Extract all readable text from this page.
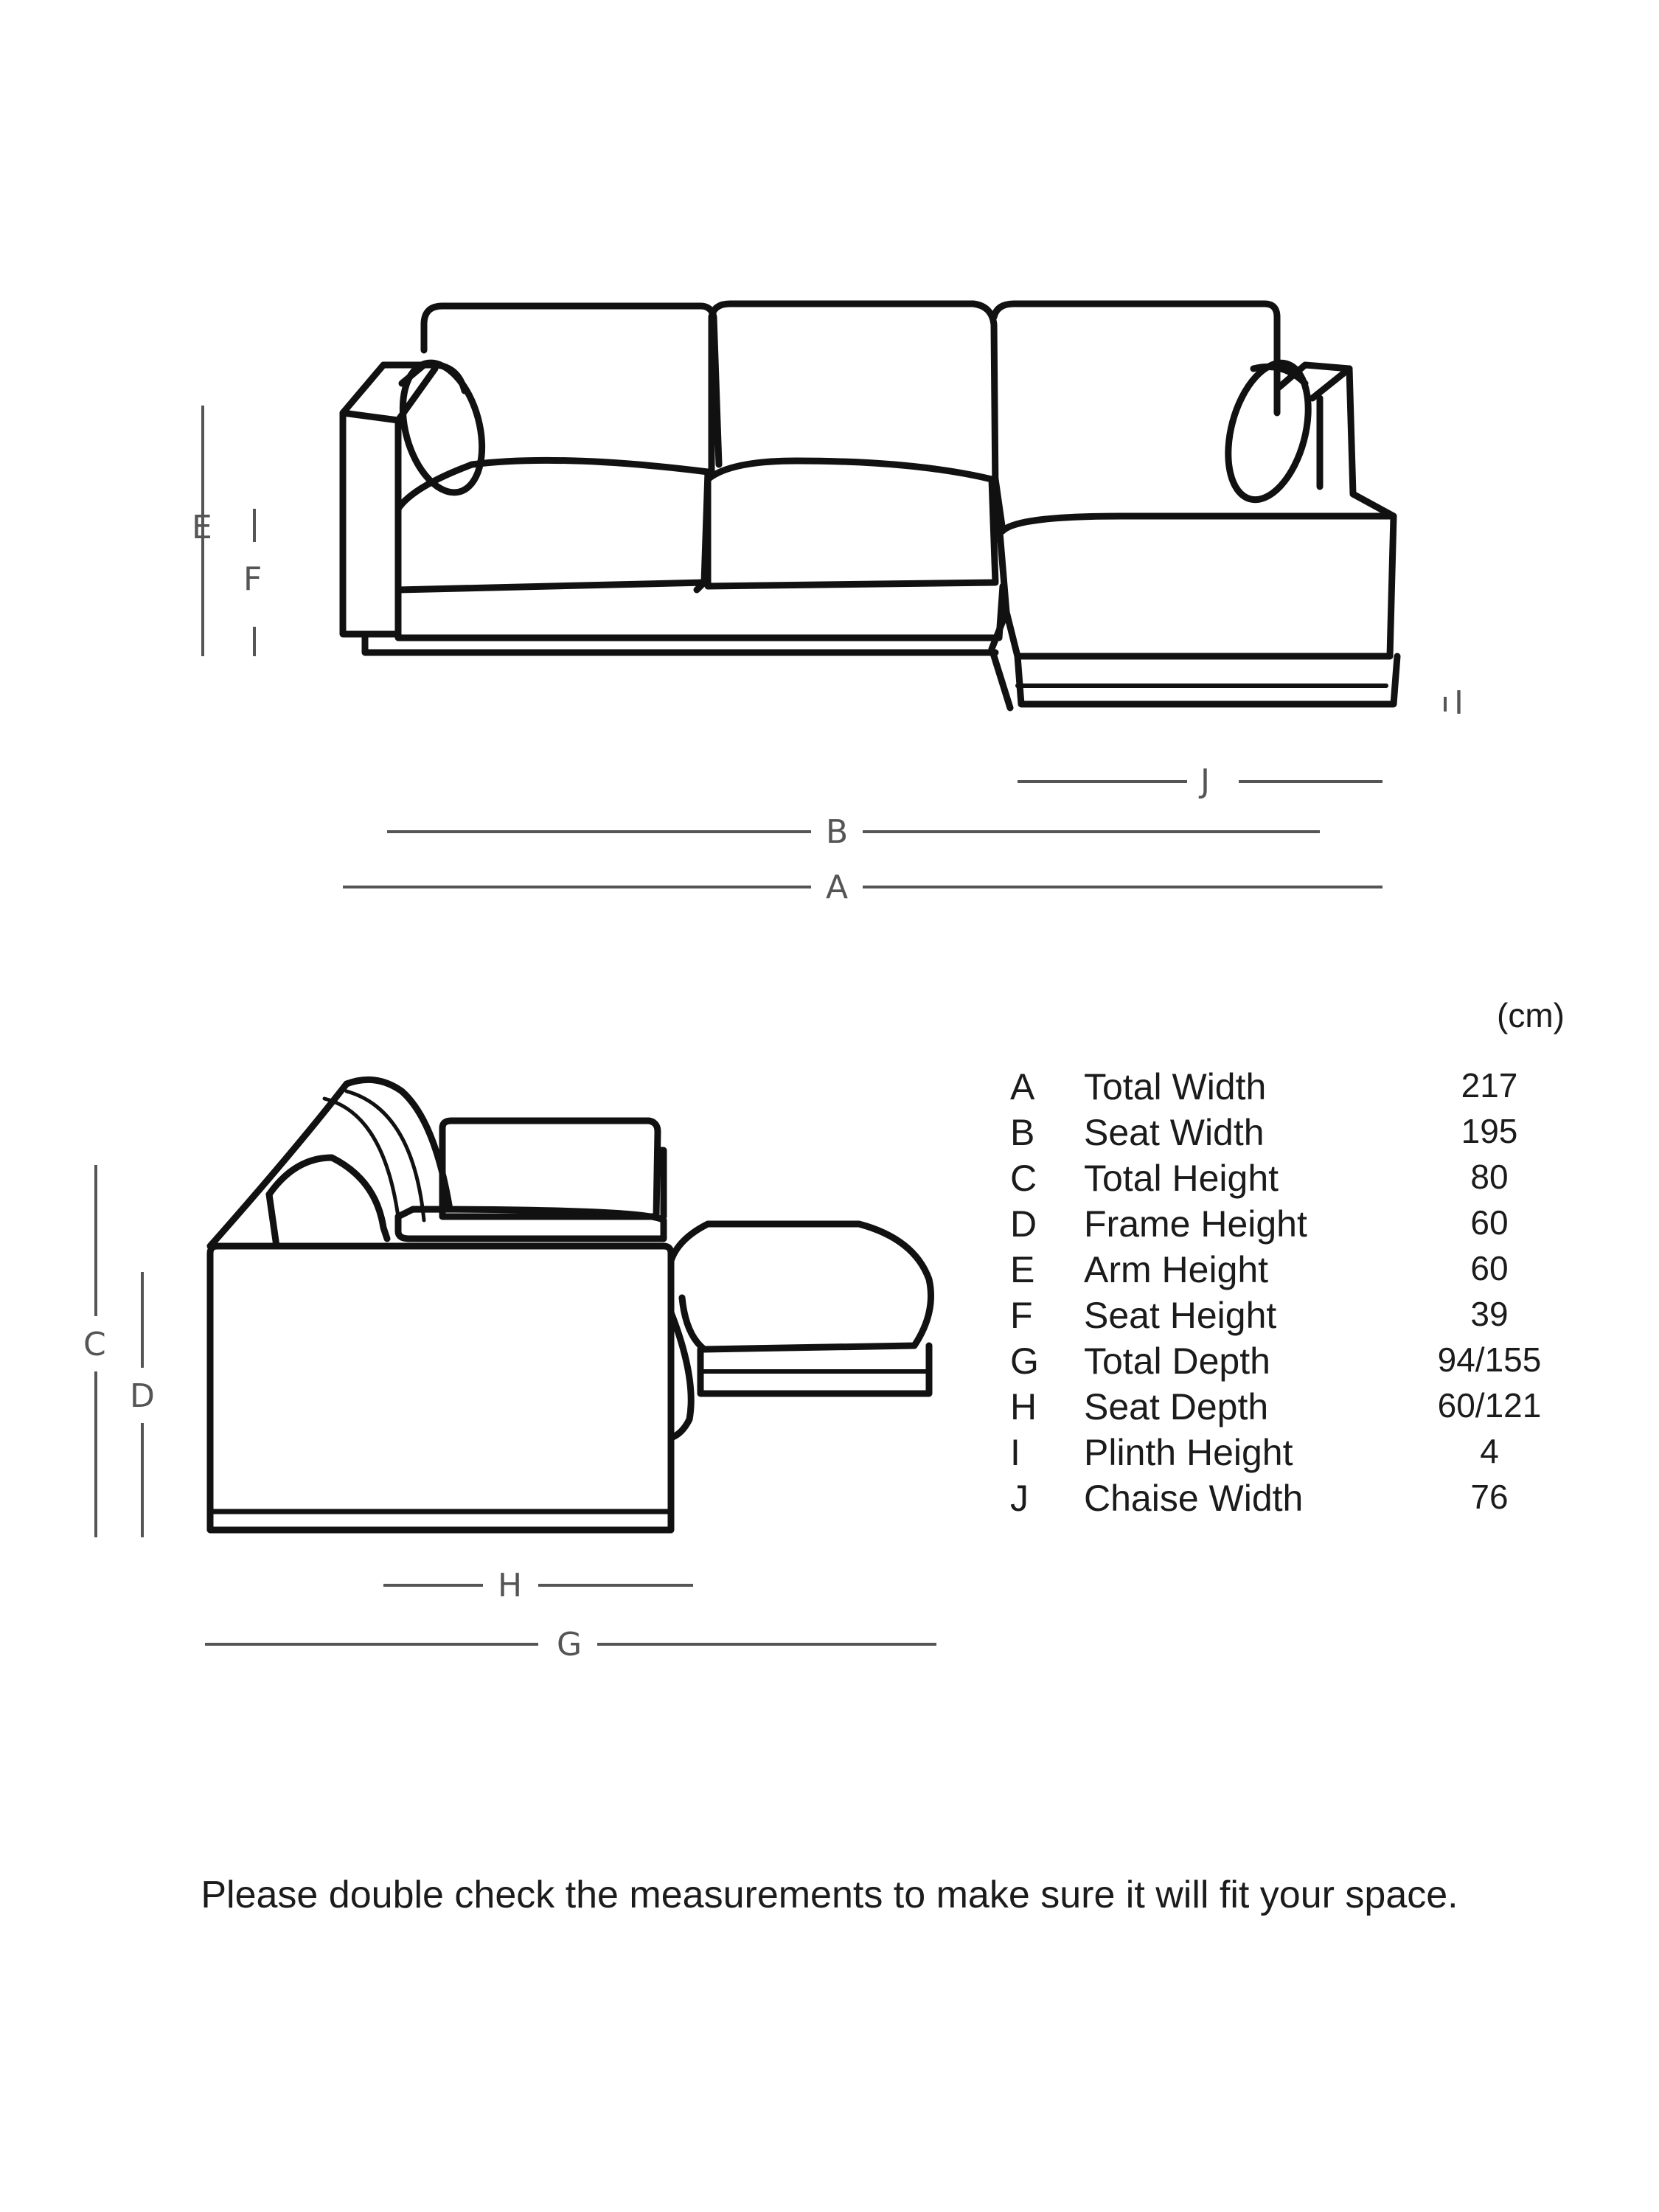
E
F
I
J
B
A
C
D
H
G
(cm)
A	Total Width	217
B	Seat Width	195
C	Total Height	80
D	Frame Height	60
E	Arm Height	60
F	Seat Height	39
G	Total Depth	94/155
H	Seat Depth	60/121
I	Plinth Height	4
J	Chaise Width	76
Please double check the measurements to make sure it will fit your space.
